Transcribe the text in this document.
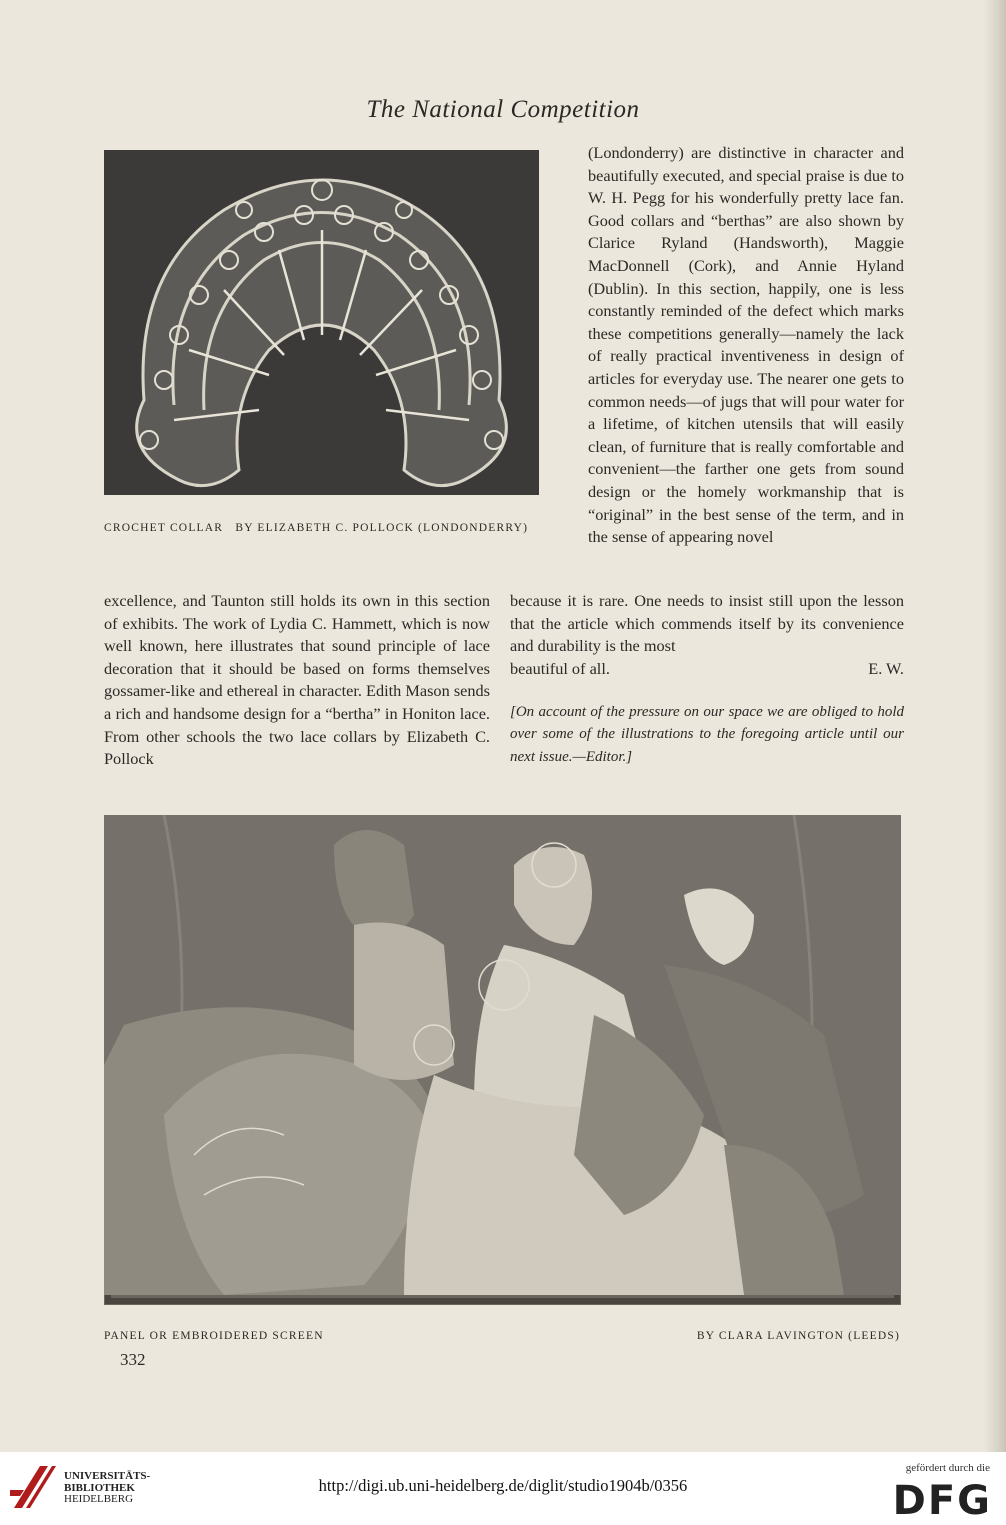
The National Competition
CROCHET COLLAR   BY ELIZABETH C. POLLOCK (LONDONDERRY)
(Londonderry) are distinctive in character and beautifully executed, and special praise is due to W. H. Pegg for his wonderfully pretty lace fan. Good collars and “berthas” are also shown by Clarice Ryland (Handsworth), Maggie MacDonnell (Cork), and Annie Hyland (Dublin). In this section, happily, one is less constantly reminded of the defect which marks these competitions generally—namely the lack of really practical inventiveness in design of articles for everyday use. The nearer one gets to common needs—of jugs that will pour water for a lifetime, of kitchen utensils that will easily clean, of furniture that is really comfortable and convenient—the farther one gets from sound design or the homely workmanship that is “original” in the best sense of the term, and in the sense of appearing novel
excellence, and Taunton still holds its own in this section of exhibits. The work of Lydia C. Hammett, which is now well known, here illustrates that sound principle of lace decoration that it should be based on forms themselves gossamer-like and ethereal in character. Edith Mason sends a rich and handsome design for a “bertha” in Honiton lace. From other schools the two lace collars by Elizabeth C. Pollock
because it is rare. One needs to insist still upon the lesson that the article which commends itself by its convenience and durability is the most
beautiful of all.	E. W.
[On account of the pressure on our space we are obliged to hold over some of the illustrations to the foregoing article until our next issue.—Editor.]
PANEL OR EMBROIDERED SCREEN	BY CLARA LAVINGTON (LEEDS)
332
UNIVERSITÄTS-
BIBLIOTHEK
HEIDELBERG
http://digi.ub.uni-heidelberg.de/diglit/studio1904b/0356
gefördert durch die
DFG
